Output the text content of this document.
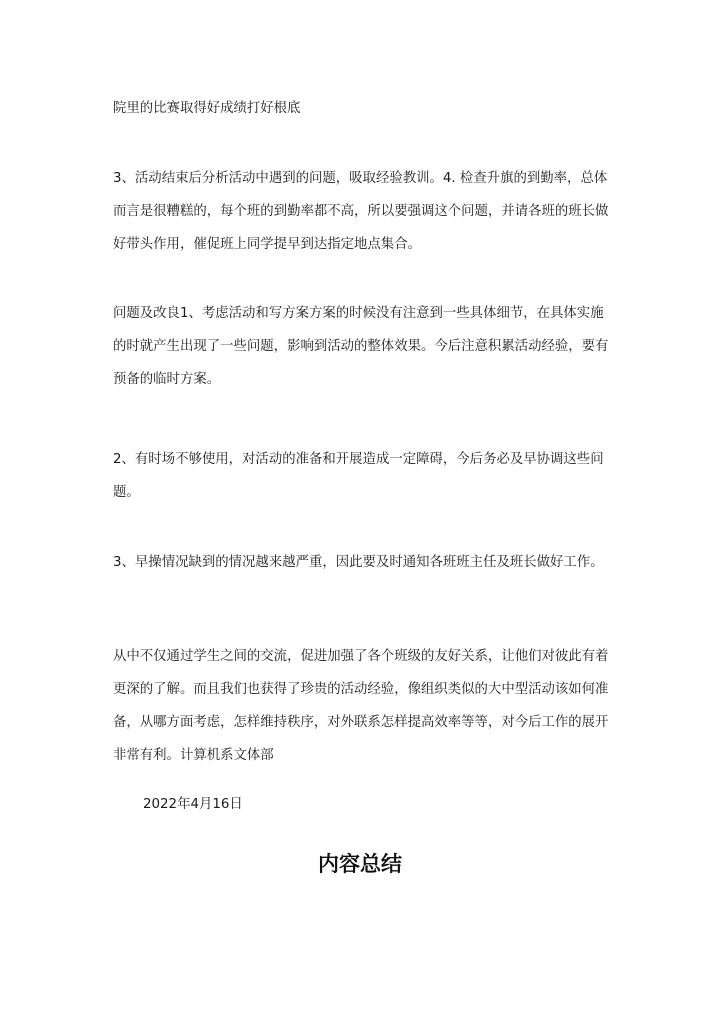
院里的比赛取得好成绩打好根底

3、活动结束后分析活动中遇到的问题，吸取经验教训。4. 检查升旗的到勤率，总体而言是很糟糕的，每个班的到勤率都不高，所以要强调这个问题，并请各班的班长做好带头作用，催促班上同学提早到达指定地点集合。

问题及改良1、考虑活动和写方案方案的时候没有注意到一些具体细节，在具体实施的时就产生出现了一些问题，影响到活动的整体效果。今后注意积累活动经验，要有预备的临时方案。

2、有时场不够使用，对活动的准备和开展造成一定障碍，今后务必及早协调这些问题。

3、早操情况缺到的情况越来越严重，因此要及时通知各班班主任及班长做好工作。

从中不仅通过学生之间的交流，促进加强了各个班级的友好关系，让他们对彼此有着更深的了解。而且我们也获得了珍贵的活动经验，像组织类似的大中型活动该如何准备，从哪方面考虑，怎样维持秩序，对外联系怎样提高效率等等，对今后工作的展开非常有利。计算机系文体部

2022年4月16日

内容总结
